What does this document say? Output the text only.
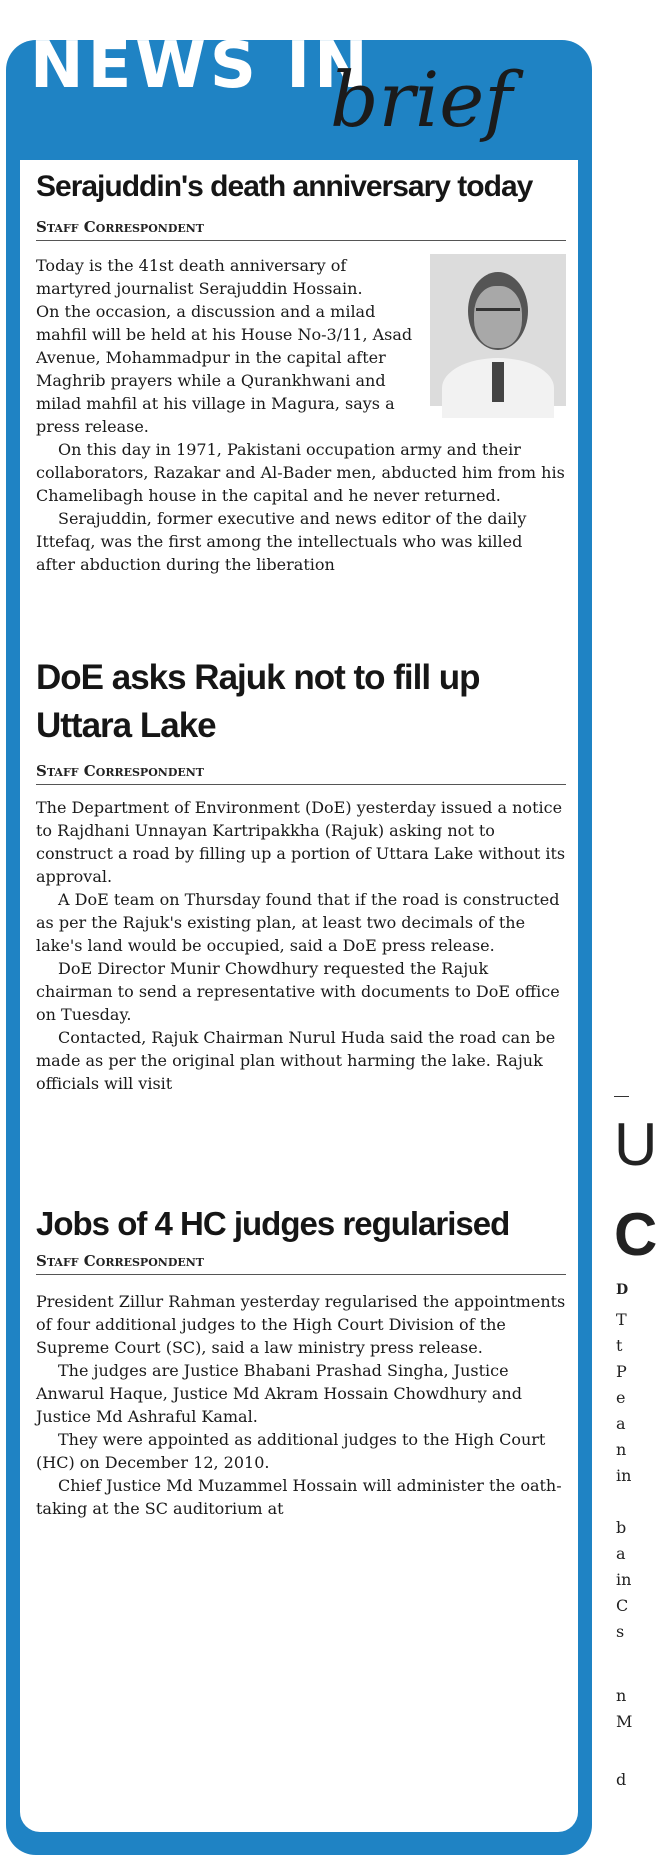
NEWS IN
brief
Serajuddin's death anniversary today
Staff Correspondent

Today is the 41st death anniversary of martyred journalist Serajuddin Hossain.

On the occasion, a discussion and a milad mahfil will be held at his House No-3/11, Asad Avenue, Mohammadpur in the capital after Maghrib prayers while a Qurankhwani and milad mahfil at his village in Magura, says a press release.

On this day in 1971, Pakistani occupation army and their collaborators, Razakar and Al-Bader men, abducted him from his Chamelibagh house in the capital and he never returned.

Serajuddin, former executive and news editor of the daily Ittefaq, was the first among the intellectuals who was killed after abduction during the liberation

DoE asks Rajuk not to fill up Uttara Lake
Staff Correspondent

The Department of Environment (DoE) yesterday issued a notice to Rajdhani Unnayan Kartripakkha (Rajuk) asking not to construct a road by filling up a portion of Uttara Lake without its approval.

A DoE team on Thursday found that if the road is constructed as per the Rajuk's existing plan, at least two decimals of the lake's land would be occupied, said a DoE press release.

DoE Director Munir Chowdhury requested the Rajuk chairman to send a representative with documents to DoE office on Tuesday.

Contacted, Rajuk Chairman Nurul Huda said the road can be made as per the original plan without harming the lake. Rajuk officials will visit

Jobs of 4 HC judges regularised
Staff Correspondent

President Zillur Rahman yesterday regularised the appointments of four additional judges to the High Court Division of the Supreme Court (SC), said a law ministry press release.

The judges are Justice Bhabani Prashad Singha, Justice Anwarul Haque, Justice Md Akram Hossain Chowdhury and Justice Md Ashraful Kamal.

They were appointed as additional judges to the High Court (HC) on December 12, 2010.

Chief Justice Md Muzammel Hossain will administer the oath-taking at the SC auditorium at

U
C
D
T
t
P
e
a
n
in
b
a
in
C
s
n
M
d
